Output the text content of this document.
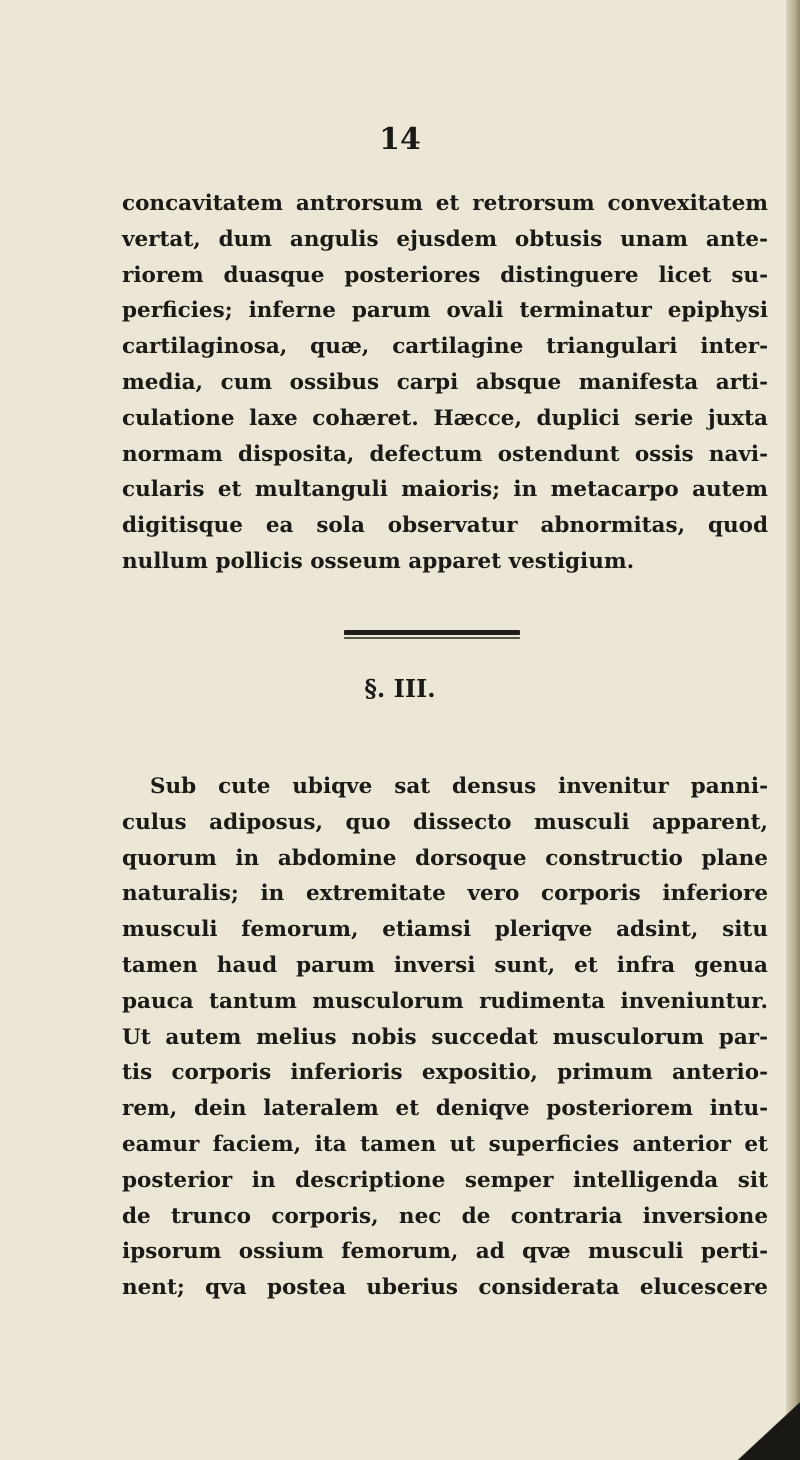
14
concavitatem antrorsum et retrorsum convexitatem
vertat, dum angulis ejusdem obtusis unam ante-
riorem duasque posteriores distinguere licet su-
perficies; inferne parum ovali terminatur epiphysi
cartilaginosa, quæ, cartilagine triangulari inter-
media, cum ossibus carpi absque manifesta arti-
culatione laxe cohæret. Hæcce, duplici serie juxta
normam disposita, defectum ostendunt ossis navi-
cularis et multanguli maioris; in metacarpo autem
digitisque ea sola observatur abnormitas, quod
nullum pollicis osseum apparet vestigium.
§. III.
Sub cute ubiqve sat densus invenitur panni-
culus adiposus, quo dissecto musculi apparent,
quorum in abdomine dorsoque constructio plane
naturalis; in extremitate vero corporis inferiore
musculi femorum, etiamsi pleriqve adsint, situ
tamen haud parum inversi sunt, et infra genua
pauca tantum musculorum rudimenta inveniuntur.
Ut autem melius nobis succedat musculorum par-
tis corporis inferioris expositio, primum anterio-
rem, dein lateralem et deniqve posteriorem intu-
eamur faciem, ita tamen ut superficies anterior et
posterior in descriptione semper intelligenda sit
de trunco corporis, nec de contraria inversione
ipsorum ossium femorum, ad qvæ musculi perti-
nent; qva postea uberius considerata elucescere
